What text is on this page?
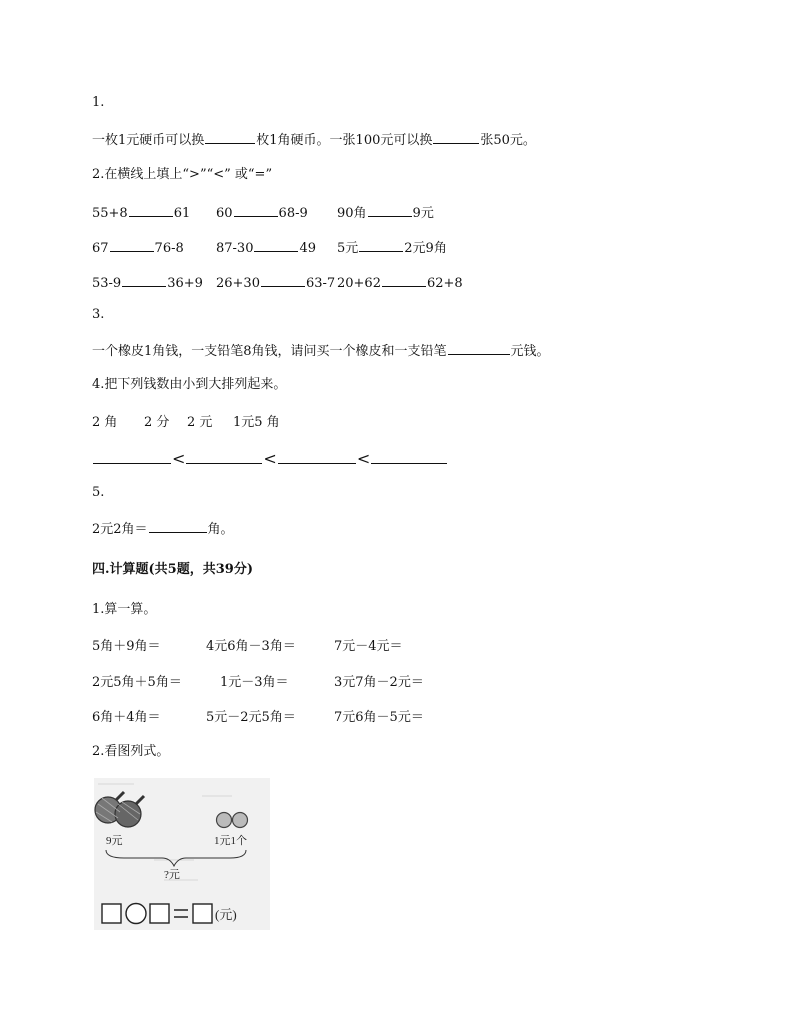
1.
一枚1元硬币可以换	枚1角硬币。一张100元可以换	张50元。
2.在横线上填上“>”“<” 或“=”
55+8	61 60	68-9 90角	9元
67	76-8 87-30	49 5元	2元9角
53-9	36+9 26+30	63-7 20+62	62+8
3.
一个橡皮1角钱，一支铅笔8角钱，请问买一个橡皮和一支铅笔	元钱。
4.把下列钱数由小到大排列起来。
2 角 2 分 2 元 1元5 角
<	<	<
5.
2元2角＝	角。
四.计算题(共5题，共39分)
1.算一算。
5角＋9角＝	4元6角－3角＝	7元－4元＝
2元5角＋5角＝	1元－3角＝	3元7角－2元＝
6角＋4角＝	5元－2元5角＝	7元6角－5元＝
2.看图列式。
9元	1元1个
?元
(元)
